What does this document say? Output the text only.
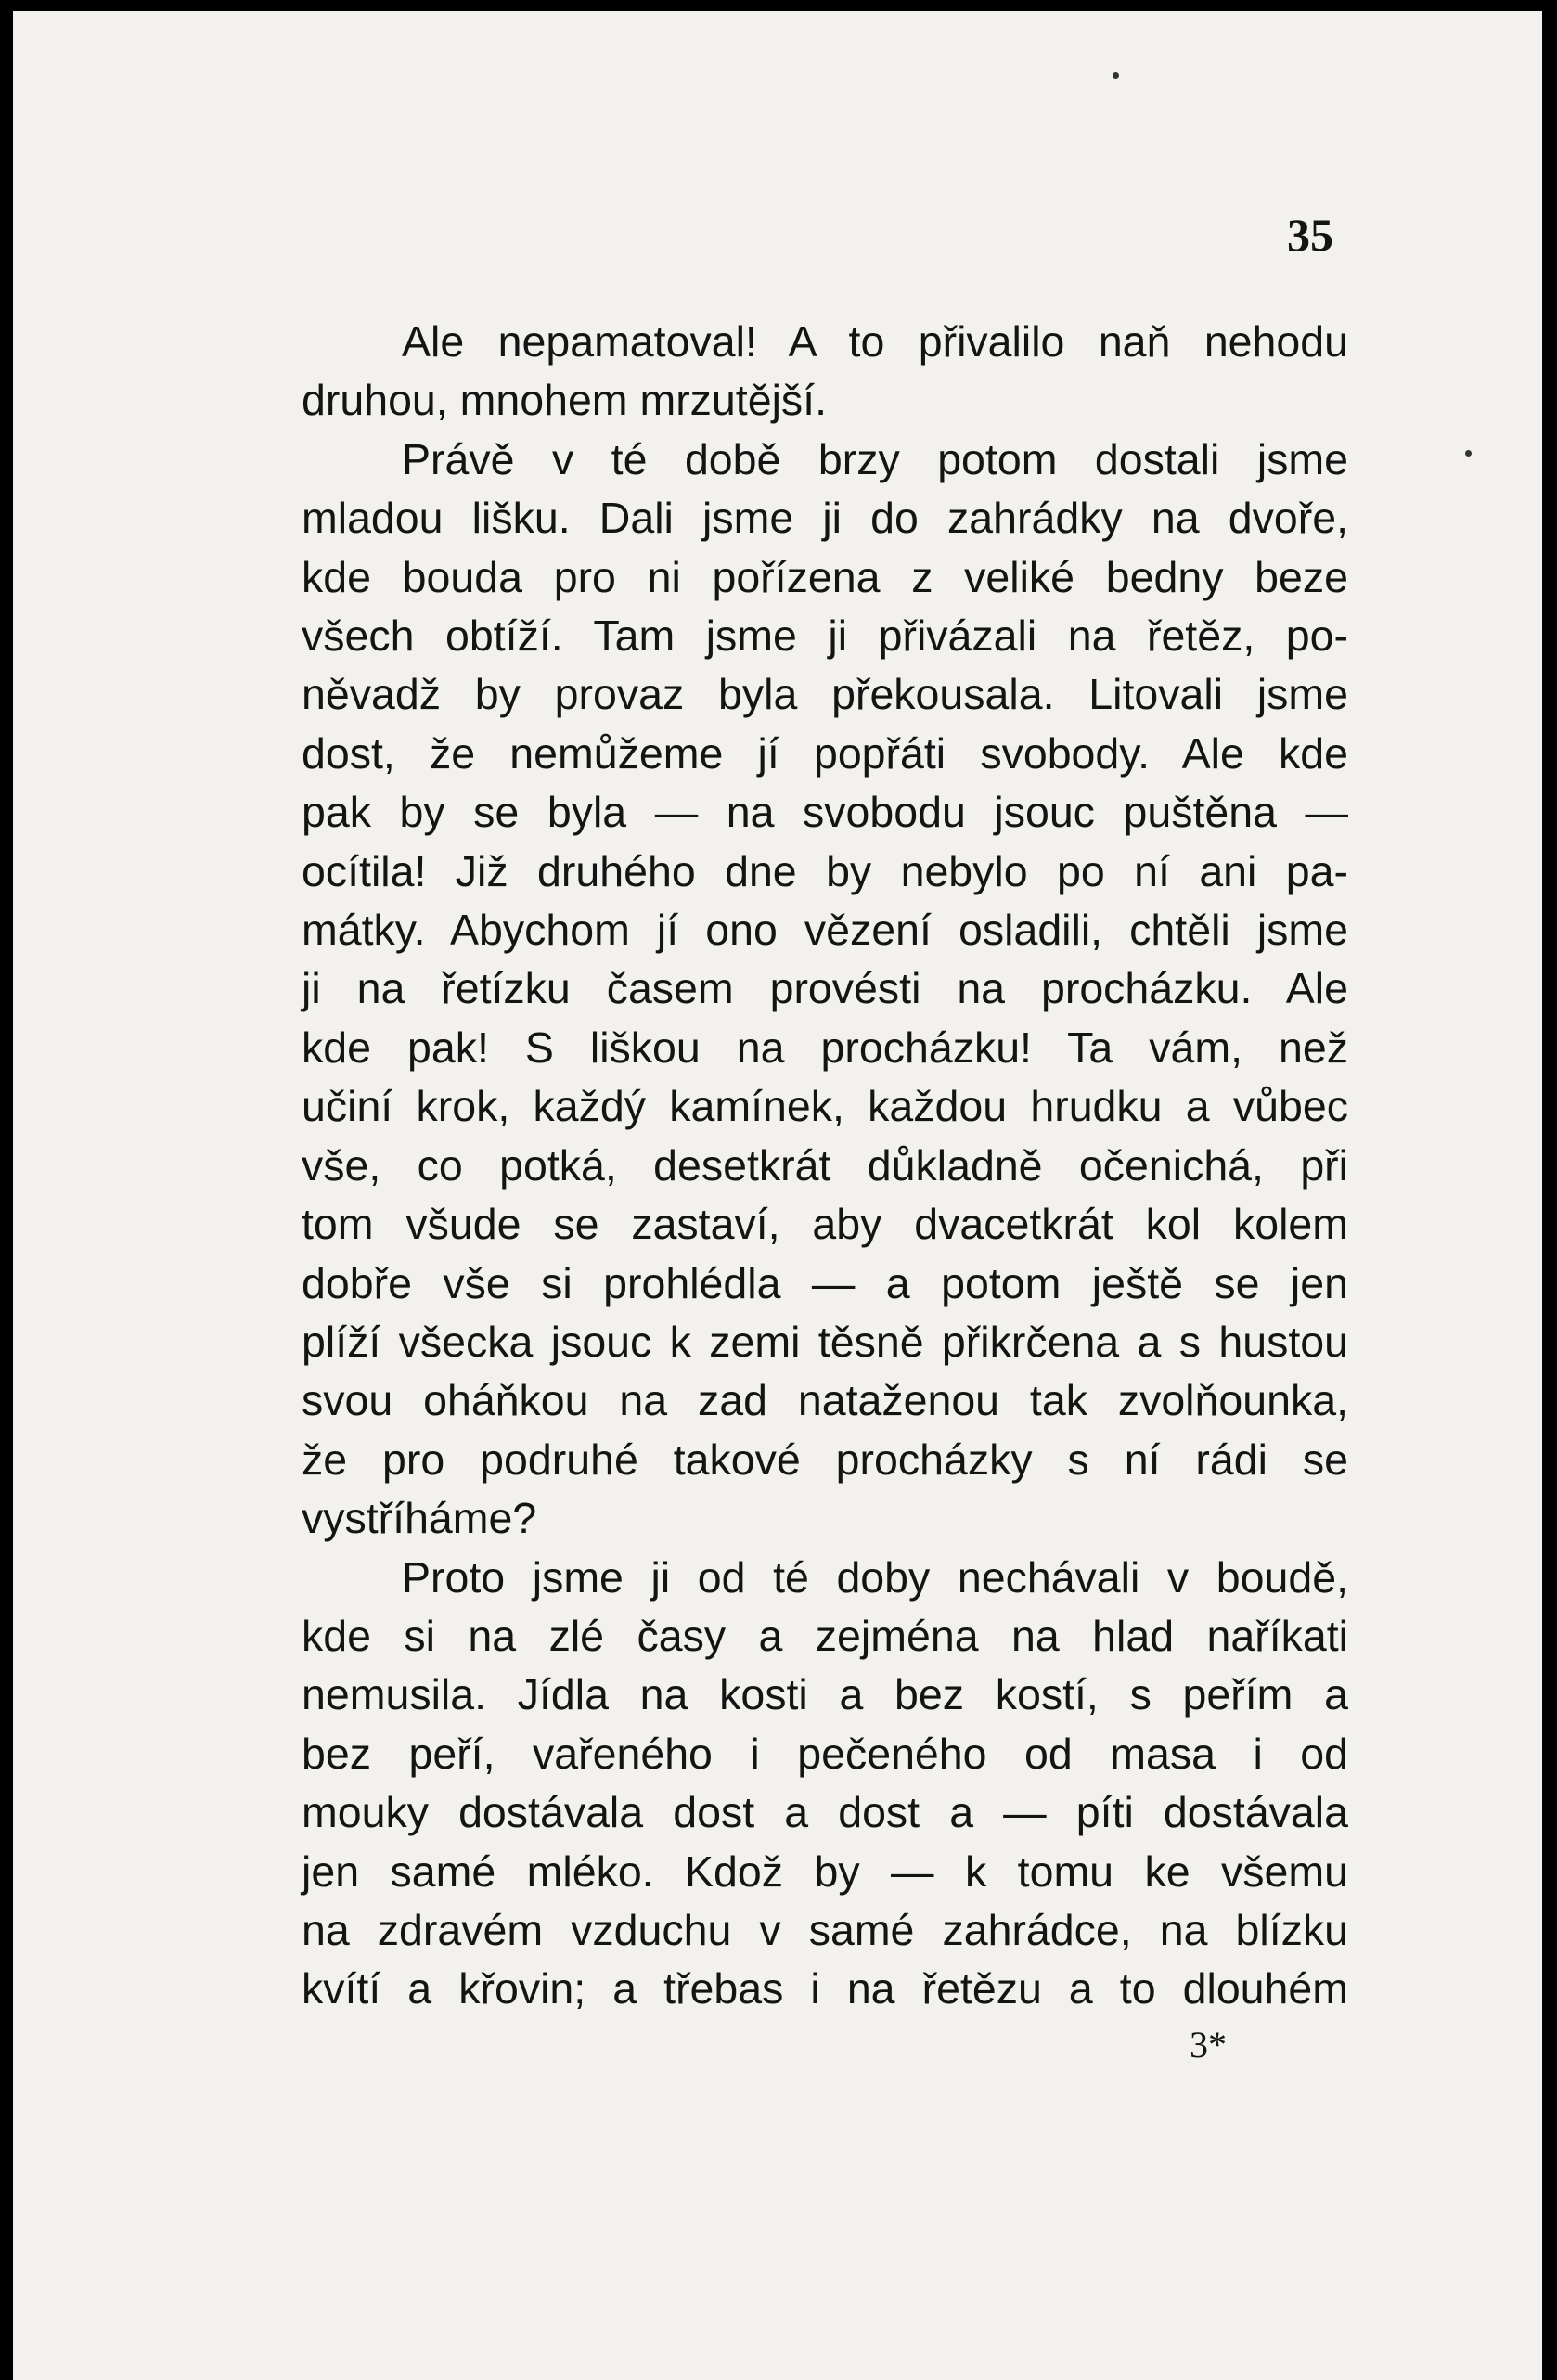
35

Ale nepamatoval! A to přivalilo naň nehodu

druhou, mnohem mrzutější.

Právě v té době brzy potom dostali jsme

mladou lišku. Dali jsme ji do zahrádky na dvoře,

kde bouda pro ni pořízena z veliké bedny beze

všech obtíží. Tam jsme ji přivázali na řetěz, po-

něvadž by provaz byla překousala. Litovali jsme

dost, že nemůžeme jí popřáti svobody. Ale kde

pak by se byla — na svobodu jsouc puštěna —

ocítila! Již druhého dne by nebylo po ní ani pa-

mátky. Abychom jí ono vězení osladili, chtěli jsme

ji na řetízku časem provésti na procházku. Ale

kde pak! S liškou na procházku! Ta vám, než

učiní krok, každý kamínek, každou hrudku a vůbec

vše, co potká, desetkrát důkladně očenichá, při

tom všude se zastaví, aby dvacetkrát kol kolem

dobře vše si prohlédla — a potom ještě se jen

plíží všecka jsouc k zemi těsně přikrčena a s hustou

svou oháňkou na zad nataženou tak zvolňounka,

že pro podruhé takové procházky s ní rádi se

vystříháme?

Proto jsme ji od té doby nechávali v boudě,

kde si na zlé časy a zejména na hlad naříkati

nemusila. Jídla na kosti a bez kostí, s peřím a

bez peří, vařeného i pečeného od masa i od

mouky dostávala dost a dost a — píti dostávala

jen samé mléko. Kdož by — k tomu ke všemu

na zdravém vzduchu v samé zahrádce, na blízku

kvítí a křovin; a třebas i na řetězu a to dlouhém

3*
